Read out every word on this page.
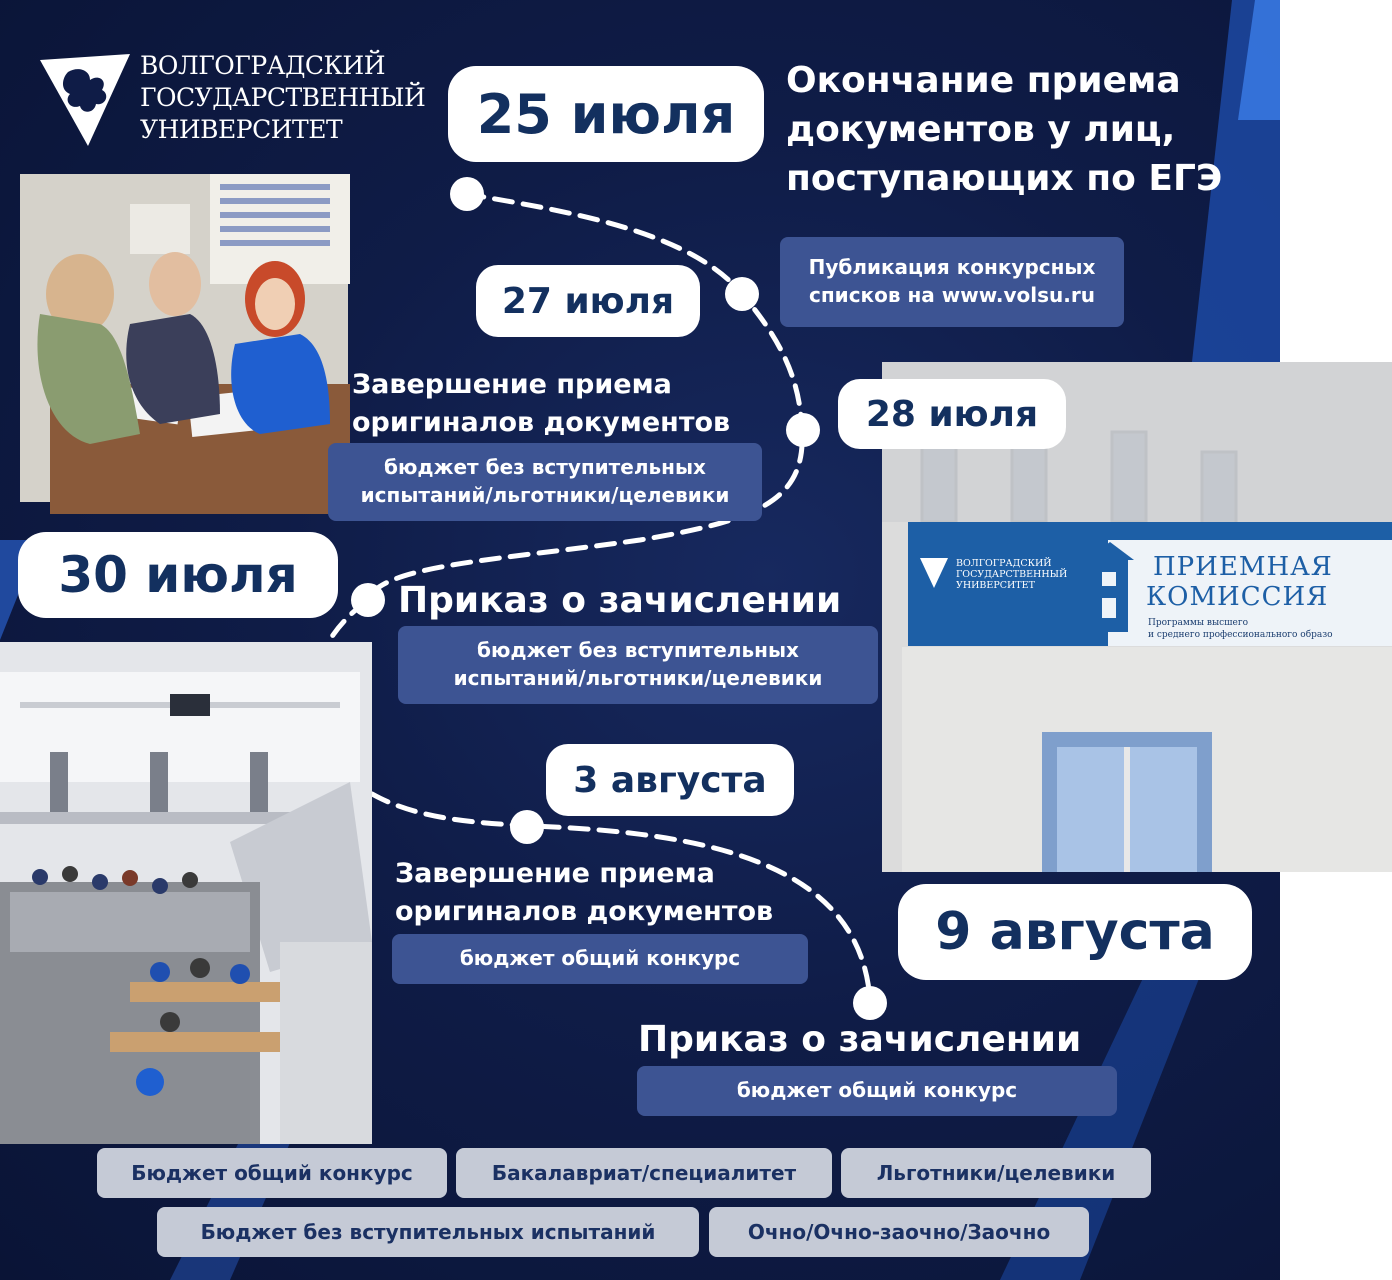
ВОЛГОГРАДСКИЙ
ГОСУДАРСТВЕННЫЙ
УНИВЕРСИТЕТ
ВОЛГОГРАДСКИЙ
ГОСУДАРСТВЕННЫЙ
УНИВЕРСИТЕТ
ПРИЕМНАЯ
КОМИССИЯ
Программы высшего
и среднего профессионального образо
25 июля
Окончание приема
документов у лиц,
поступающих по ЕГЭ
27 июля
Публикация конкурсных
списков на www.volsu.ru
28 июля
Завершение приема
оригиналов документов
бюджет без вступительных
испытаний/льготники/целевики
30 июля	Приказ о зачислении
бюджет без вступительных
испытаний/льготники/целевики
3 августа
Завершение приема
оригиналов документов
бюджет общий конкурс	9 августа
Приказ о зачислении
бюджет общий конкурс
Бюджет общий конкурс	Бакалавриат/специалитет	Льготники/целевики
Бюджет без вступительных испытаний	Очно/Очно-заочно/Заочно
